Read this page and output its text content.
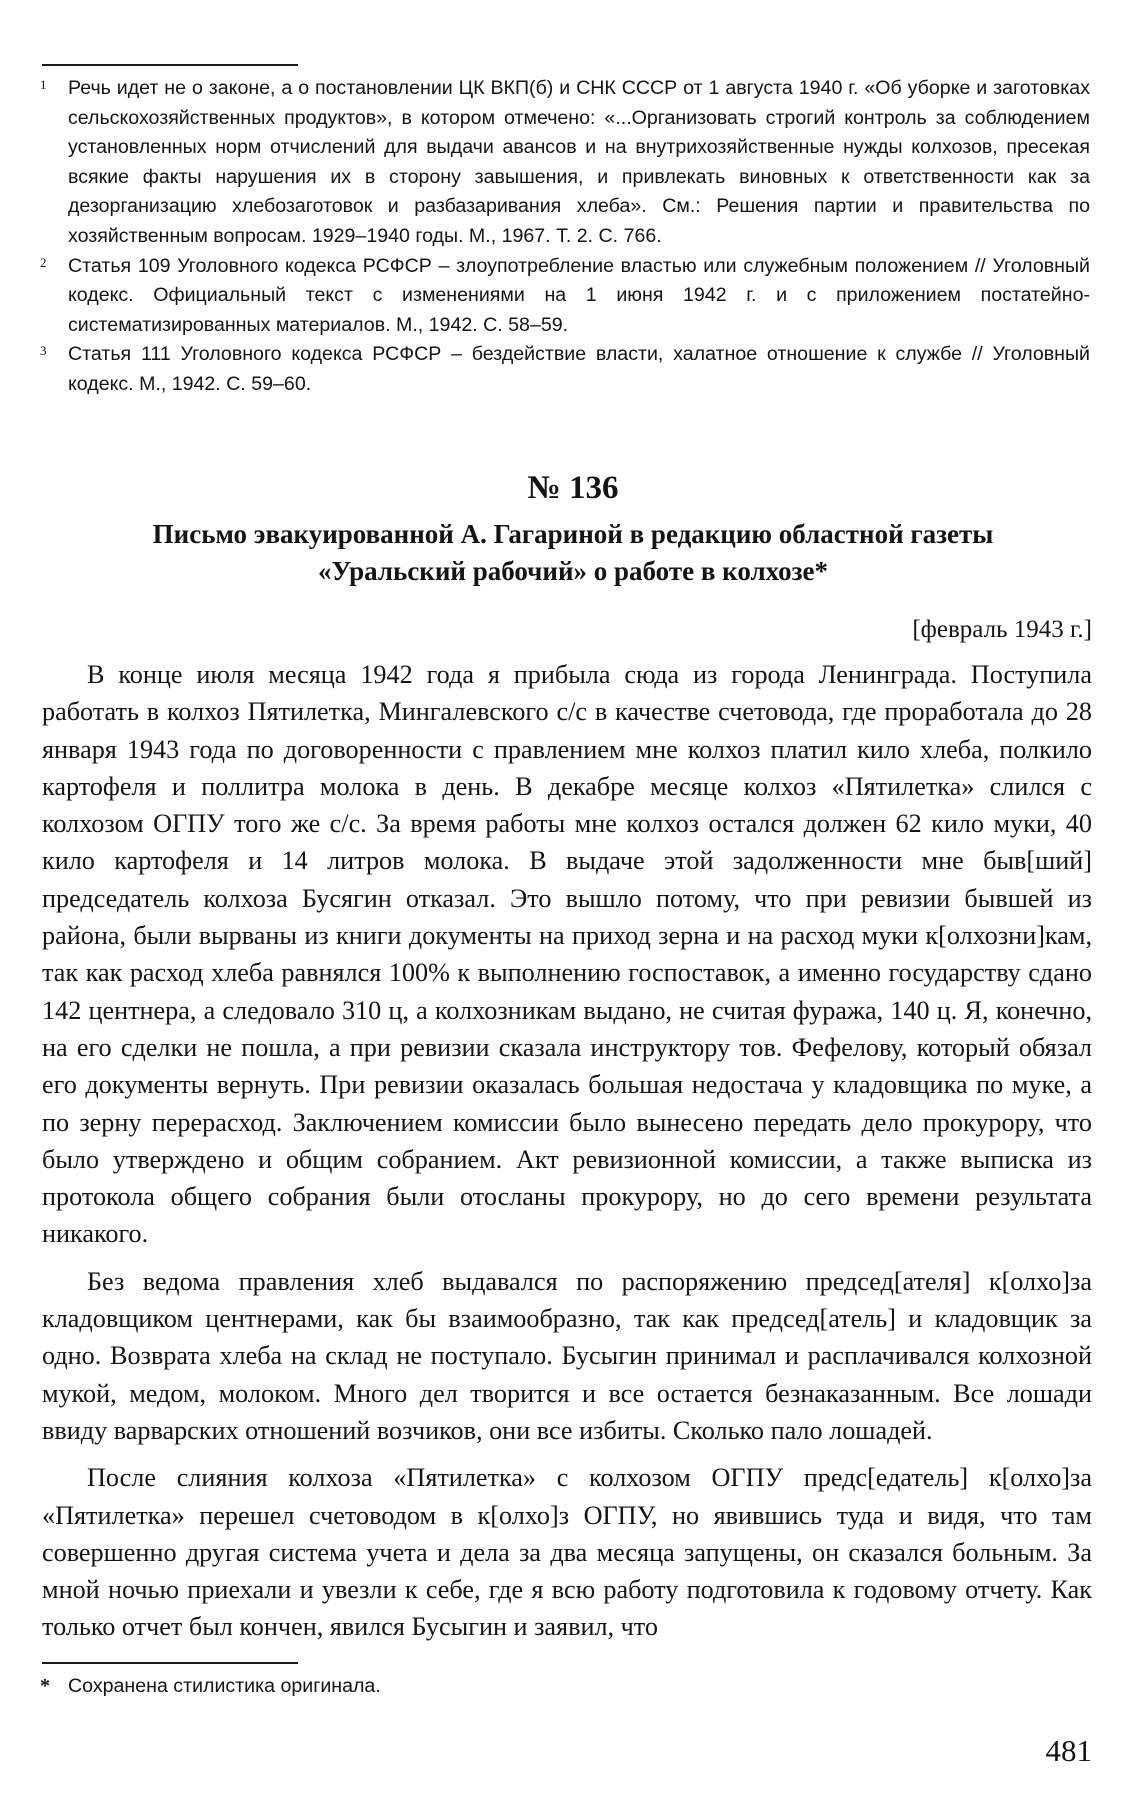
1 Речь идет не о законе, а о постановлении ЦК ВКП(б) и СНК СССР от 1 августа 1940 г. «Об уборке и заготовках сельскохозяйственных продуктов», в котором отмечено: «...Организовать строгий контроль за соблюдением установленных норм отчислений для выдачи авансов и на внутрихозяйственные нужды колхозов, пресекая всякие факты нарушения их в сторону завышения, и привлекать виновных к ответственности как за дезорганизацию хлебозаготовок и разбазаривания хлеба». См.: Решения партии и правительства по хозяйственным вопросам. 1929–1940 годы. М., 1967. Т. 2. С. 766.
2 Статья 109 Уголовного кодекса РСФСР – злоупотребление властью или служебным положением // Уголовный кодекс. Официальный текст с изменениями на 1 июня 1942 г. и с приложением постатейно-систематизированных материалов. М., 1942. С. 58–59.
3 Статья 111 Уголовного кодекса РСФСР – бездействие власти, халатное отношение к службе // Уголовный кодекс. М., 1942. С. 59–60.
№ 136
Письмо эвакуированной А. Гагариной в редакцию областной газеты
«Уральский рабочий» о работе в колхозе*
[февраль 1943 г.]

В конце июля месяца 1942 года я прибыла сюда из города Ленинграда. Поступила работать в колхоз Пятилетка, Мингалевского с/с в качестве счетовода, где проработала до 28 января 1943 года по договоренности с правлением мне колхоз платил кило хлеба, полкило картофеля и поллитра молока в день. В декабре месяце колхоз «Пятилетка» слился с колхозом ОГПУ того же с/с. За время работы мне колхоз остался должен 62 кило муки, 40 кило картофеля и 14 литров молока. В выдаче этой задолженности мне быв[ший] председатель колхоза Бусягин отказал. Это вышло потому, что при ревизии бывшей из района, были вырваны из книги документы на приход зерна и на расход муки к[олхозни]кам, так как расход хлеба равнялся 100% к выполнению госпоставок, а именно государству сдано 142 центнера, а следовало 310 ц, а колхозникам выдано, не считая фуража, 140 ц. Я, конечно, на его сделки не пошла, а при ревизии сказала инструктору тов. Фефелову, который обязал его документы вернуть. При ревизии оказалась большая недостача у кладовщика по муке, а по зерну перерасход. Заключением комиссии было вынесено передать дело прокурору, что было утверждено и общим собранием. Акт ревизионной комиссии, а также выписка из протокола общего собрания были отосланы прокурору, но до сего времени результата никакого.

Без ведома правления хлеб выдавался по распоряжению председ[ателя] к[олхо]за кладовщиком центнерами, как бы взаимообразно, так как председ[атель] и кладовщик за одно. Возврата хлеба на склад не поступало. Бусыгин принимал и расплачивался колхозной мукой, медом, молоком. Много дел творится и все остается безнаказанным. Все лошади ввиду варварских отношений возчиков, они все избиты. Сколько пало лошадей.

После слияния колхоза «Пятилетка» с колхозом ОГПУ предс[едатель] к[олхо]за «Пятилетка» перешел счетоводом в к[олхо]з ОГПУ, но явившись туда и видя, что там совершенно другая система учета и дела за два месяца запущены, он сказался больным. За мной ночью приехали и увезли к себе, где я всю работу подготовила к годовому отчету. Как только отчет был кончен, явился Бусыгин и заявил, что

* Сохранена стилистика оригинала.
481
